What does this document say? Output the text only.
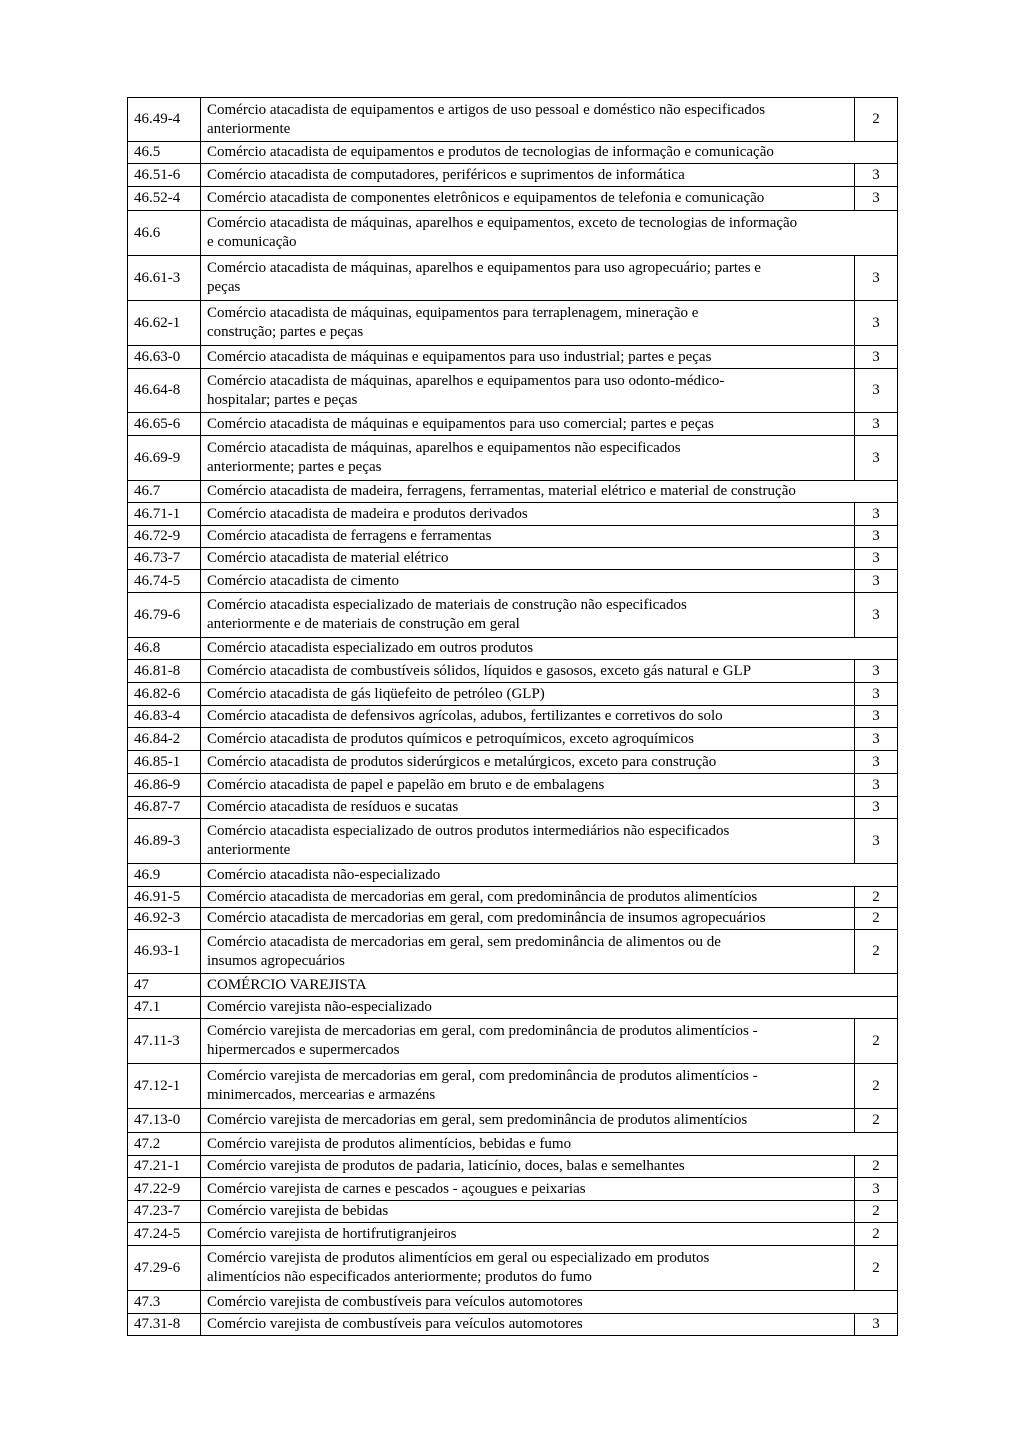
46.49-4	Comércio atacadista de equipamentos e artigos de uso pessoal e doméstico não especificados
anteriormente	2
46.5	Comércio atacadista de equipamentos e produtos de tecnologias de informação e comunicação	
46.51-6	Comércio atacadista de computadores, periféricos e suprimentos de informática	3
46.52-4	Comércio atacadista de componentes eletrônicos e equipamentos de telefonia e comunicação	3
46.6	Comércio atacadista de máquinas, aparelhos e equipamentos, exceto de tecnologias de informação
e comunicação	
46.61-3	Comércio atacadista de máquinas, aparelhos e equipamentos para uso agropecuário; partes e
peças	3
46.62-1	Comércio atacadista de máquinas, equipamentos para terraplenagem, mineração e
construção; partes e peças	3
46.63-0	Comércio atacadista de máquinas e equipamentos para uso industrial; partes e peças	3
46.64-8	Comércio atacadista de máquinas, aparelhos e equipamentos para uso odonto-médico-
hospitalar; partes e peças	3
46.65-6	Comércio atacadista de máquinas e equipamentos para uso comercial; partes e peças	3
46.69-9	Comércio atacadista de máquinas, aparelhos e equipamentos não especificados
anteriormente; partes e peças	3
46.7	Comércio atacadista de madeira, ferragens, ferramentas, material elétrico e material de construção	
46.71-1	Comércio atacadista de madeira e produtos derivados	3
46.72-9	Comércio atacadista de ferragens e ferramentas	3
46.73-7	Comércio atacadista de material elétrico	3
46.74-5	Comércio atacadista de cimento	3
46.79-6	Comércio atacadista especializado de materiais de construção não especificados
anteriormente e de materiais de construção em geral	3
46.8	Comércio atacadista especializado em outros produtos	
46.81-8	Comércio atacadista de combustíveis sólidos, líquidos e gasosos, exceto gás natural e GLP	3
46.82-6	Comércio atacadista de gás liqüefeito de petróleo (GLP)	3
46.83-4	Comércio atacadista de defensivos agrícolas, adubos, fertilizantes e corretivos do solo	3
46.84-2	Comércio atacadista de produtos químicos e petroquímicos, exceto agroquímicos	3
46.85-1	Comércio atacadista de produtos siderúrgicos e metalúrgicos, exceto para construção	3
46.86-9	Comércio atacadista de papel e papelão em bruto e de embalagens	3
46.87-7	Comércio atacadista de resíduos e sucatas	3
46.89-3	Comércio atacadista especializado de outros produtos intermediários não especificados
anteriormente	3
46.9	Comércio atacadista não-especializado	
46.91-5	Comércio atacadista de mercadorias em geral, com predominância de produtos alimentícios	2
46.92-3	Comércio atacadista de mercadorias em geral, com predominância de insumos agropecuários	2
46.93-1	Comércio atacadista de mercadorias em geral, sem predominância de alimentos ou de
insumos agropecuários	2
47	COMÉRCIO VAREJISTA	
47.1	Comércio varejista não-especializado	
47.11-3	Comércio varejista de mercadorias em geral, com predominância de produtos alimentícios -
hipermercados e supermercados	2
47.12-1	Comércio varejista de mercadorias em geral, com predominância de produtos alimentícios -
minimercados, mercearias e armazéns	2
47.13-0	Comércio varejista de mercadorias em geral, sem predominância de produtos alimentícios	2
47.2	Comércio varejista de produtos alimentícios, bebidas e fumo	
47.21-1	Comércio varejista de produtos de padaria, laticínio, doces, balas e semelhantes	2
47.22-9	Comércio varejista de carnes e pescados - açougues e peixarias	3
47.23-7	Comércio varejista de bebidas	2
47.24-5	Comércio varejista de hortifrutigranjeiros	2
47.29-6	Comércio varejista de produtos alimentícios em geral ou especializado em produtos
alimentícios não especificados anteriormente; produtos do fumo	2
47.3	Comércio varejista de combustíveis para veículos automotores	
47.31-8	Comércio varejista de combustíveis para veículos automotores	3
